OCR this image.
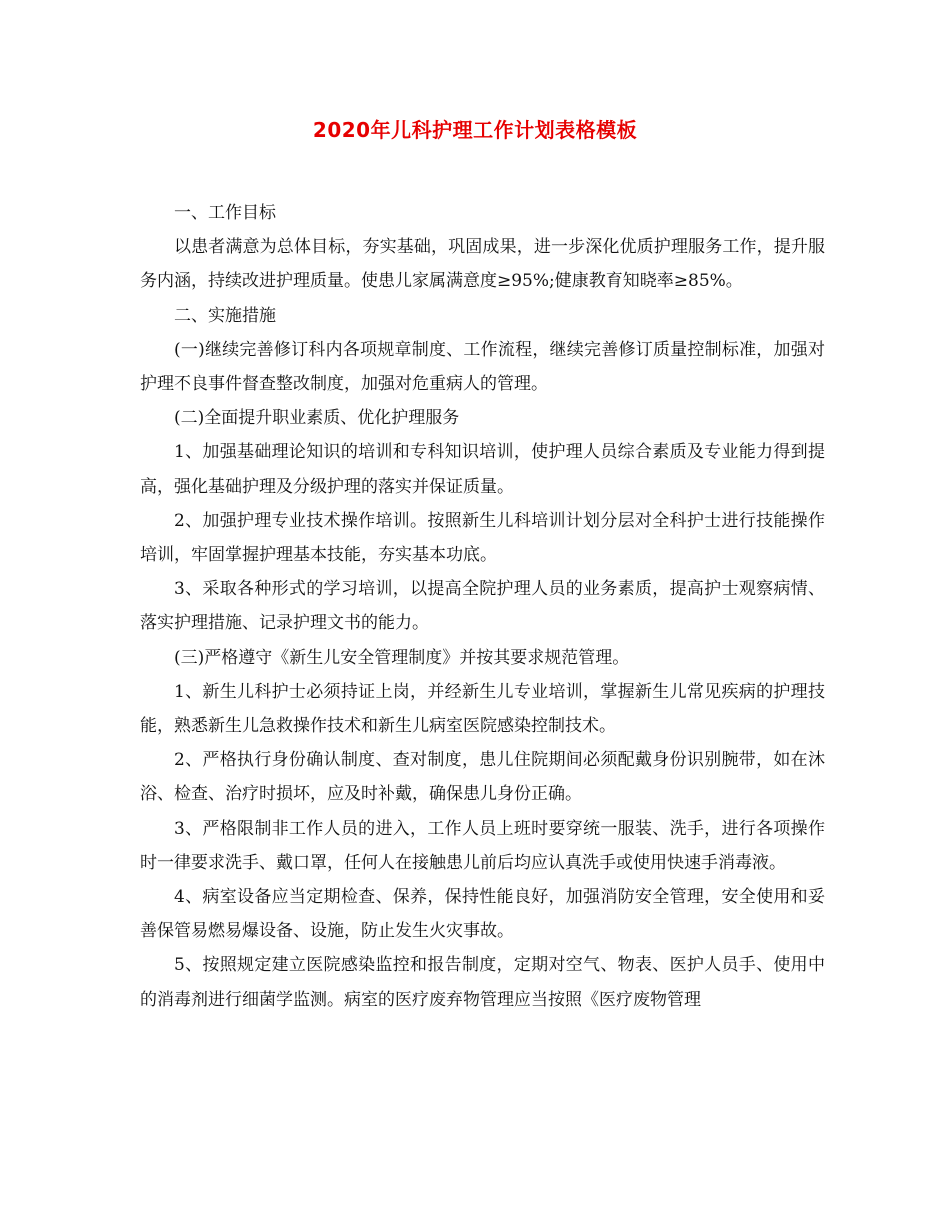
2020年儿科护理工作计划表格模板

一、工作目标

以患者满意为总体目标，夯实基础，巩固成果，进一步深化优质护理服务工作，提升服务内涵，持续改进护理质量。使患儿家属满意度≥95%;健康教育知晓率≥85%。

二、实施措施

(一)继续完善修订科内各项规章制度、工作流程，继续完善修订质量控制标准，加强对护理不良事件督查整改制度，加强对危重病人的管理。

(二)全面提升职业素质、优化护理服务

1、加强基础理论知识的培训和专科知识培训，使护理人员综合素质及专业能力得到提高，强化基础护理及分级护理的落实并保证质量。

2、加强护理专业技术操作培训。按照新生儿科培训计划分层对全科护士进行技能操作培训，牢固掌握护理基本技能，夯实基本功底。

3、采取各种形式的学习培训，以提高全院护理人员的业务素质，提高护士观察病情、落实护理措施、记录护理文书的能力。

(三)严格遵守《新生儿安全管理制度》并按其要求规范管理。

1、新生儿科护士必须持证上岗，并经新生儿专业培训，掌握新生儿常见疾病的护理技能，熟悉新生儿急救操作技术和新生儿病室医院感染控制技术。

2、严格执行身份确认制度、查对制度，患儿住院期间必须配戴身份识别腕带，如在沐浴、检查、治疗时损坏，应及时补戴，确保患儿身份正确。

3、严格限制非工作人员的进入，工作人员上班时要穿统一服装、洗手，进行各项操作时一律要求洗手、戴口罩，任何人在接触患儿前后均应认真洗手或使用快速手消毒液。

4、病室设备应当定期检查、保养，保持性能良好，加强消防安全管理，安全使用和妥善保管易燃易爆设备、设施，防止发生火灾事故。

5、按照规定建立医院感染监控和报告制度，定期对空气、物表、医护人员手、使用中的消毒剂进行细菌学监测。病室的医疗废弃物管理应当按照《医疗废物管理
